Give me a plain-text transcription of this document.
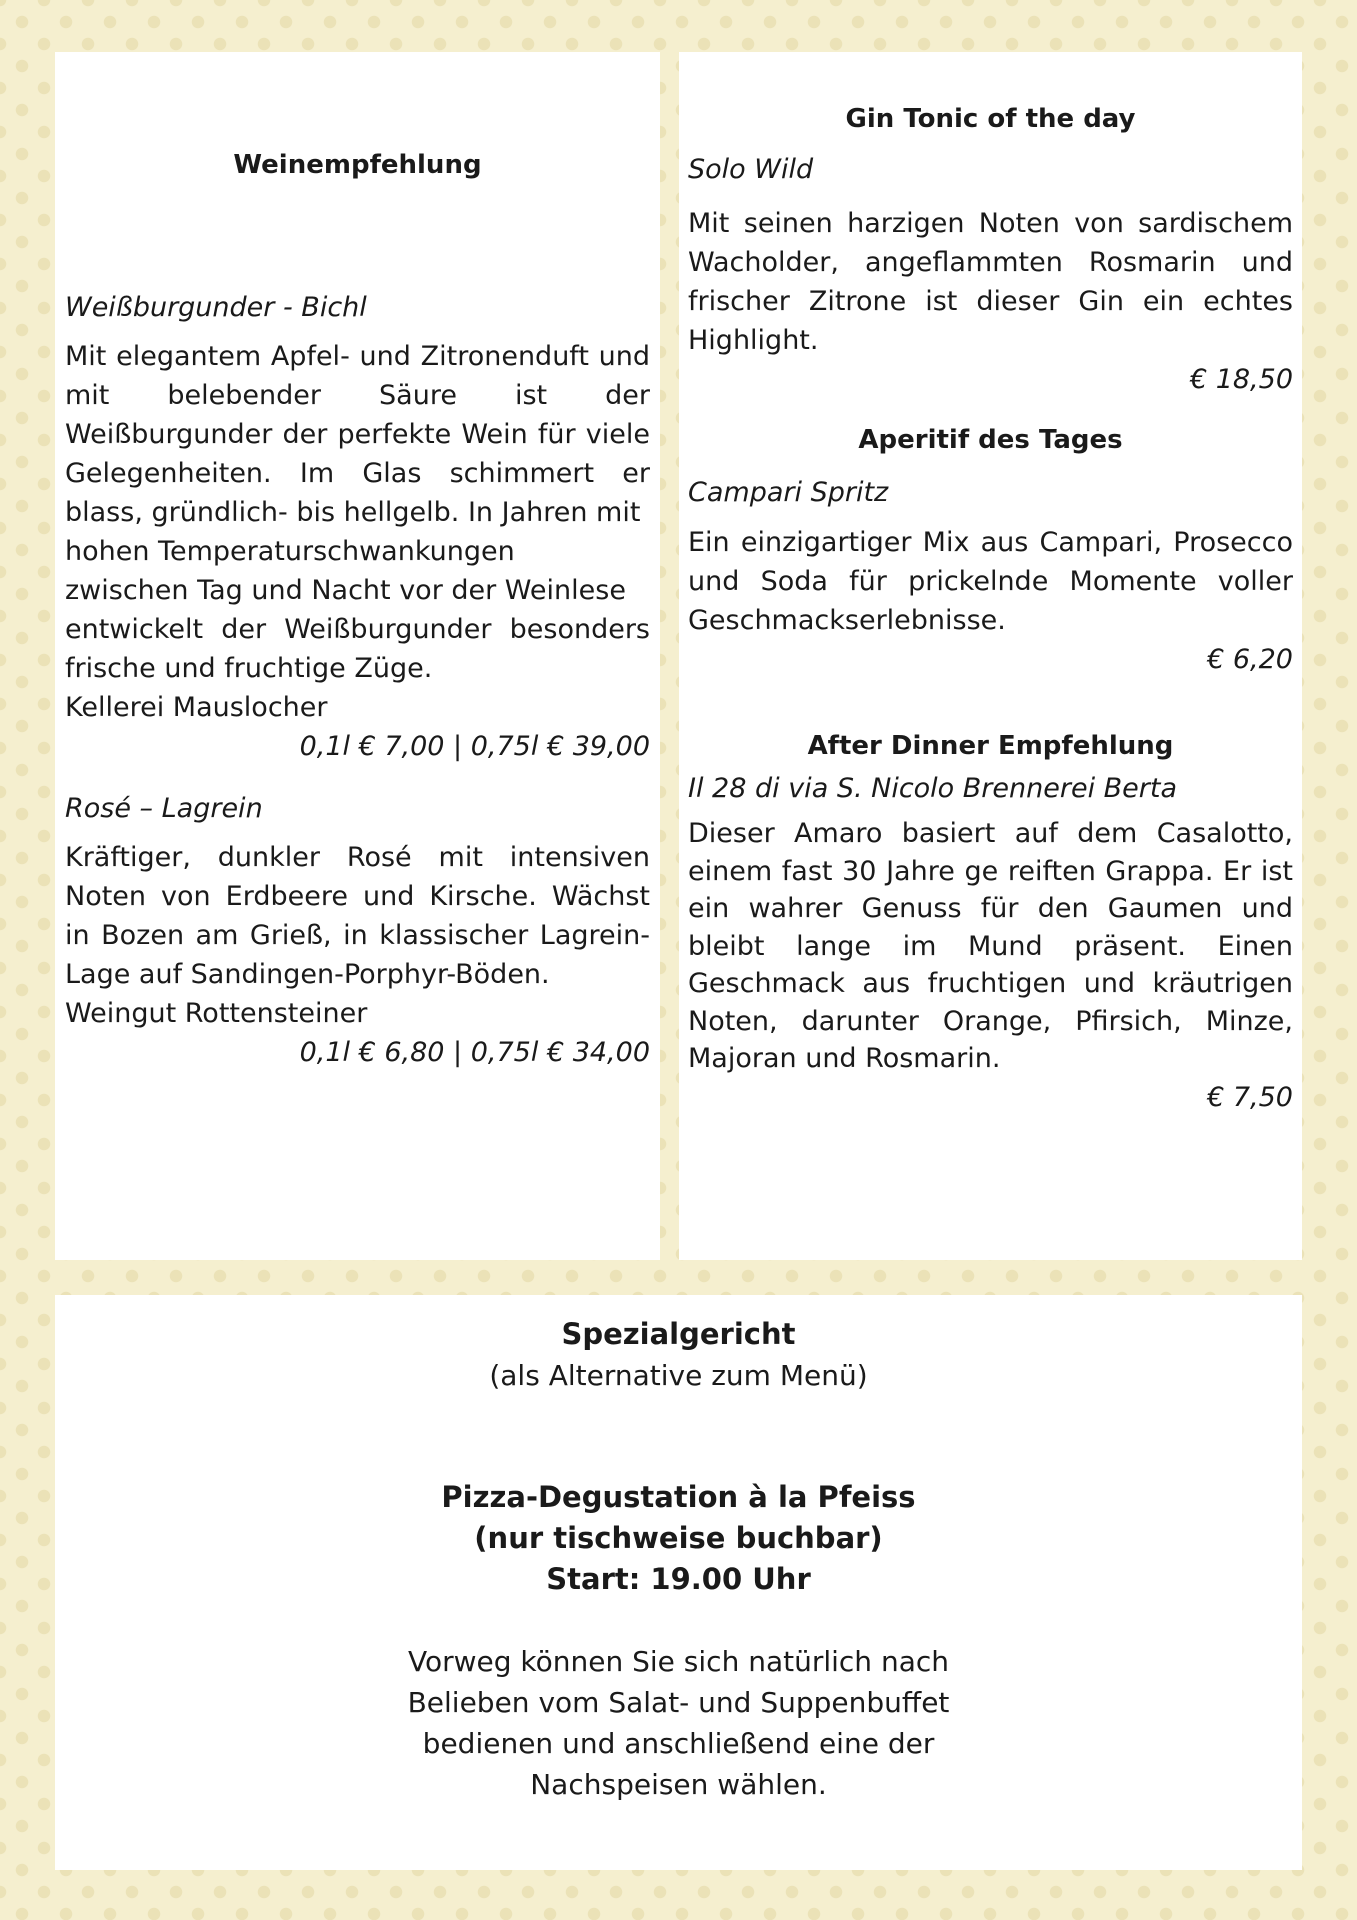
Weinempfehlung

Weißburgunder - Bichl

Mit elegantem Apfel- und Zitronenduft und mit belebender Säure ist der Weißburgunder der perfekte Wein für viele Gelegenheiten. Im Glas schimmert er blass, gründlich- bis hellgelb. In Jahren mit

hohen Temperaturschwankungen

zwischen Tag und Nacht vor der Weinlese

entwickelt der Weißburgunder besonders frische und fruchtige Züge.

Kellerei Mauslocher

0,1l € 7,00 | 0,75l € 39,00

Rosé – Lagrein

Kräftiger, dunkler Rosé mit intensiven Noten von Erdbeere und Kirsche. Wächst in Bozen am Grieß, in klassischer Lagrein-Lage auf Sandingen-Porphyr-Böden.

Weingut Rottensteiner

0,1l € 6,80 | 0,75l € 34,00

Gin Tonic of the day

Solo Wild

Mit seinen harzigen Noten von sardischem Wacholder, angeflammten Rosmarin und frischer Zitrone ist dieser Gin ein echtes Highlight.

€ 18,50

Aperitif des Tages

Campari Spritz

Ein einzigartiger Mix aus Campari, Prosecco und Soda für prickelnde Momente voller Geschmackserlebnisse.

€ 6,20

After Dinner Empfehlung

Il 28 di via S. Nicolo Brennerei Berta

Dieser Amaro basiert auf dem Casalotto, einem fast 30 Jahre ge reiften Grappa. Er ist ein wahrer Genuss für den Gaumen und bleibt lange im Mund präsent. Einen Geschmack aus fruchtigen und kräutrigen Noten, darunter Orange, Pfirsich, Minze, Majoran und Rosmarin.

€ 7,50

Spezialgericht

(als Alternative zum Menü)

Pizza-Degustation à la Pfeiss

(nur tischweise buchbar)

Start: 19.00 Uhr

Vorweg können Sie sich natürlich nach

Belieben vom Salat- und Suppenbuffet

bedienen und anschließend eine der

Nachspeisen wählen.
